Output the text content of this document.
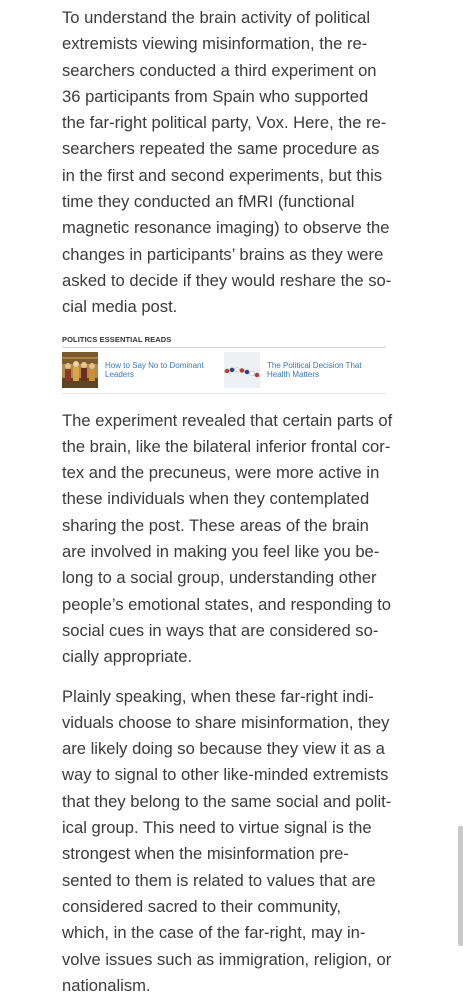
To understand the brain activity of political
extremists viewing misinformation, the re-
searchers conducted a third experiment on
36 participants from Spain who supported
the far-right political party, Vox. Here, the re-
searchers repeated the same procedure as
in the first and second experiments, but this
time they conducted an fMRI (functional
magnetic resonance imaging) to observe the
changes in participants’ brains as they were
asked to decide if they would reshare the so-
cial media post.

POLITICS ESSENTIAL READS
How to Say No to Dominant Leaders
The Political Decision That Health Matters

The experiment revealed that certain parts of
the brain, like the bilateral inferior frontal cor-
tex and the precuneus, were more active in
these individuals when they contemplated
sharing the post. These areas of the brain
are involved in making you feel like you be-
long to a social group, understanding other
people’s emotional states, and responding to
social cues in ways that are considered so-
cially appropriate.

Plainly speaking, when these far-right indi-
viduals choose to share misinformation, they
are likely doing so because they view it as a
way to signal to other like-minded extremists
that they belong to the same social and polit-
ical group. This need to virtue signal is the
strongest when the misinformation pre-
sented to them is related to values that are
considered sacred to their community,
which, in the case of the far-right, may in-
volve issues such as immigration, religion, or
nationalism.
